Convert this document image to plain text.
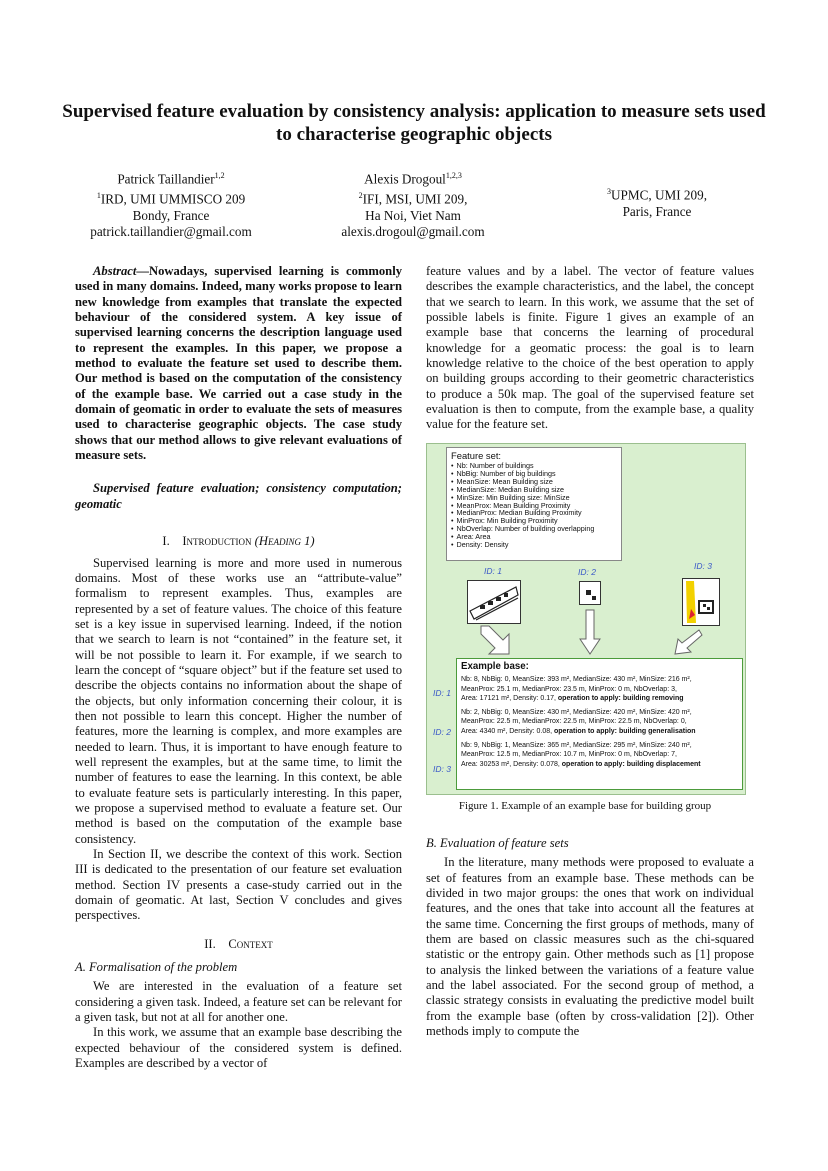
Supervised feature evaluation by consistency analysis: application to measure sets used to characterise geographic objects
Patrick Taillandier$^{1,2}$
$^1$IRD, UMI UMMISCO 209
Bondy, France
patrick.taillandier@gmail.com
Alexis Drogoul$^{1,2,3}$
$^2$IFI, MSI, UMI 209,
Ha Noi, Viet Nam
alexis.drogoul@gmail.com
$^3$UPMC, UMI 209,
Paris, France

Abstract—Nowadays, supervised learning is commonly used in many domains. Indeed, many works propose to learn new knowledge from examples that translate the expected behaviour of the considered system. A key issue of supervised learning concerns the description language used to represent the examples. In this paper, we propose a method to evaluate the feature set used to describe them. Our method is based on the computation of the consistency of the example base. We carried out a case study in the domain of geomatic in order to evaluate the sets of measures used to characterise geographic objects. The case study shows that our method allows to give relevant evaluations of measure sets.

Supervised feature evaluation; consistency computation; geomatic

I. Introduction (Heading 1)

Supervised learning is more and more used in numerous domains. Most of these works use an “attribute-value” formalism to represent examples. Thus, examples are represented by a set of feature values. The choice of this feature set is a key issue in supervised learning. Indeed, if the notion that we search to learn is not “contained” in the feature set, it will be not possible to learn it. For example, if we search to learn the concept of “square object” but if the feature set used to describe the objects contains no information about the shape of the objects, but only information concerning their colour, it is then not possible to learn this concept. Higher the number of features, more the learning is complex, and more examples are needed to learn. Thus, it is important to have enough feature to well represent the examples, but at the same time, to limit the number of features to ease the learning. In this context, be able to evaluate feature sets is particularly interesting. In this paper, we propose a supervised method to evaluate a feature set. Our method is based on the computation of the example base consistency.

In Section II, we describe the context of this work. Section III is dedicated to the presentation of our feature set evaluation method. Section IV presents a case-study carried out in the domain of geomatic. At last, Section V concludes and gives perspectives.

II. Context

A. Formalisation of the problem

We are interested in the evaluation of a feature set considering a given task. Indeed, a feature set can be relevant for a given task, but not at all for another one.

In this work, we assume that an example base describing the expected behaviour of the considered system is defined. Examples are described by a vector of

feature values and by a label. The vector of feature values describes the example characteristics, and the label, the concept that we search to learn. In this work, we assume that the set of possible labels is finite. Figure 1 gives an example of an example base that concerns the learning of procedural knowledge for a geomatic process: the goal is to learn knowledge relative to the choice of the best operation to apply on building groups according to their geometric characteristics to produce a 50k map. The goal of the supervised feature set evaluation is then to compute, from the example base, a quality value for the feature set.

Feature set:
• Nb: Number of buildings
• NbBig: Number of big buildings
• MeanSize: Mean Building size
• MedianSize: Median Building size
• MinSize: Min Building size: MinSize
• MeanProx: Mean Building Proximity
• MedianProx: Median Building Proximity
• MinProx: Min Building Proximity
• NbOverlap: Number of building overlapping
• Area: Area
• Density: Density
ID: 1	ID: 2
ID: 3
ID: 1
ID: 2
ID: 3
Example base:
Nb: 8, NbBig: 0, MeanSize: 393 m², MedianSize: 430 m², MinSize: 216 m²,
MeanProx: 25.1 m, MedianProx: 23.5 m, MinProx: 0 m, NbOverlap: 3,
Area: 17121 m², Density: 0.17, operation to apply: building removing
Nb: 2, NbBig: 0, MeanSize: 430 m², MedianSize: 420 m², MinSize: 420 m²,
MeanProx: 22.5 m, MedianProx: 22.5 m, MinProx: 22.5 m, NbOverlap: 0,
Area: 4340 m², Density: 0.08, operation to apply: building generalisation
Nb: 9, NbBig: 1, MeanSize: 365 m², MedianSize: 295 m², MinSize: 240 m²,
MeanProx: 12.5 m, MedianProx: 10.7 m, MinProx: 0 m, NbOverlap: 7,
Area: 30253 m², Density: 0.078, operation to apply: building displacement
Figure 1. Example of an example base for building group

B. Evaluation of feature sets

In the literature, many methods were proposed to evaluate a set of features from an example base. These methods can be divided in two major groups: the ones that work on individual features, and the ones that take into account all the features at the same time. Concerning the first groups of methods, many of them are based on classic measures such as the chi-squared statistic or the entropy gain. Other methods such as [1] propose to analysis the linked between the variations of a feature value and the label associated. For the second group of method, a classic strategy consists in evaluating the predictive model built from the example base (often by cross-validation [2]). Other methods imply to compute the
